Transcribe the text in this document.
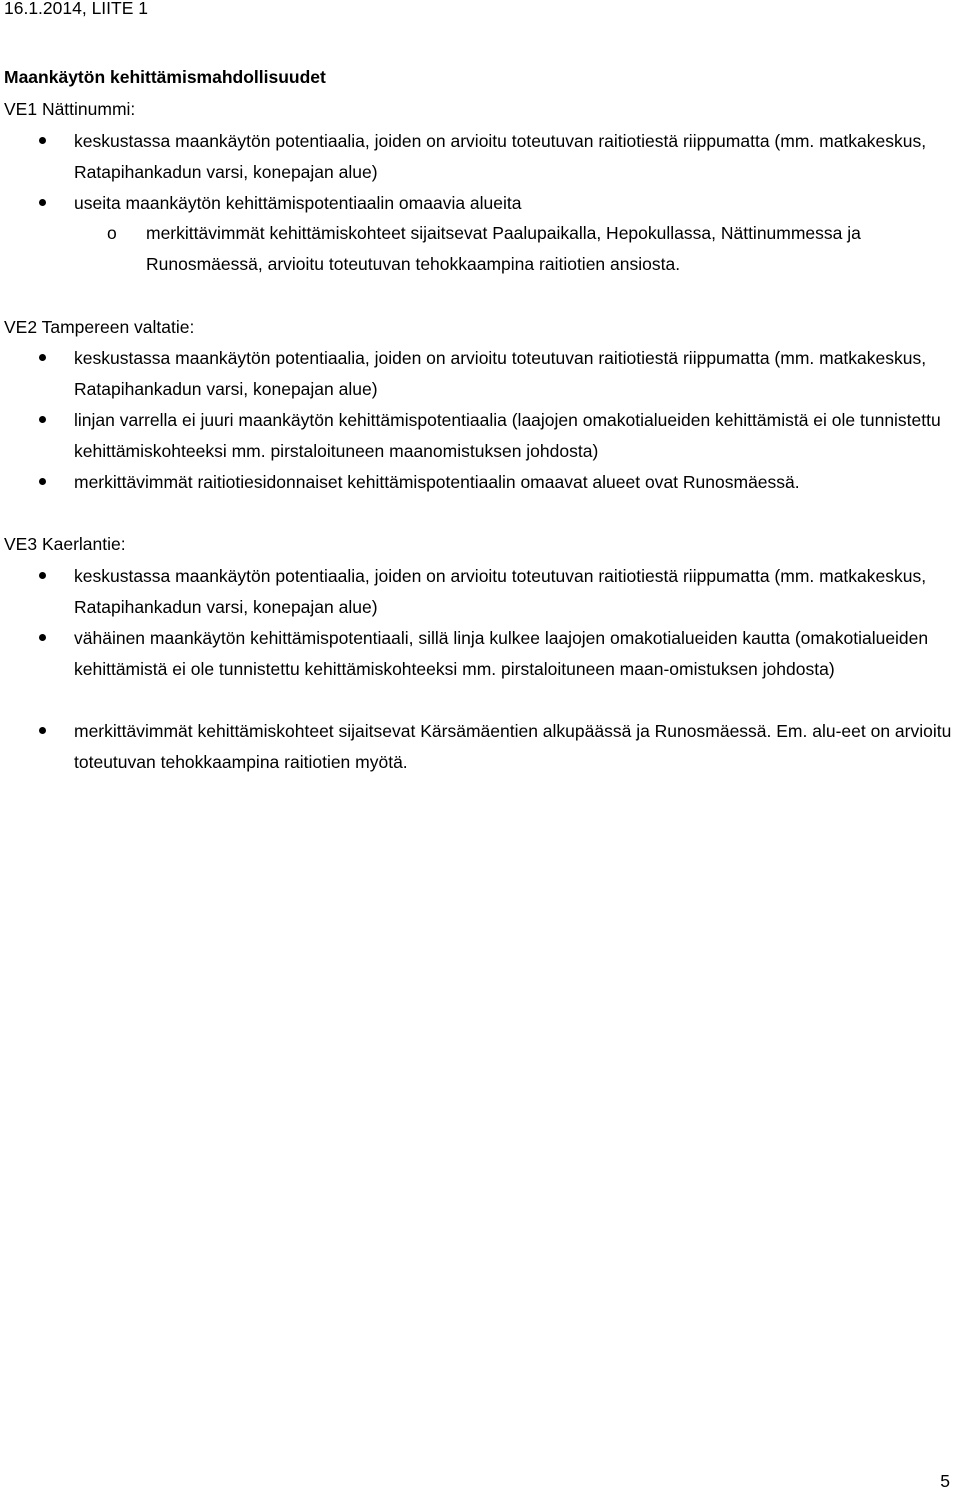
16.1.2014, LIITE 1
Maankäytön kehittämismahdollisuudet
VE1 Nättinummi:
keskustassa maankäytön potentiaalia, joiden on arvioitu toteutuvan raitiotiestä riippumatta (mm. matkakeskus, Ratapihankadun varsi, konepajan alue)
useita maankäytön kehittämispotentiaalin omaavia alueita
o merkittävimmät kehittämiskohteet sijaitsevat Paalupaikalla, Hepokullassa, Nättinummessa ja Runosmäessä, arvioitu toteutuvan tehokkaampina raitiotien ansiosta.
VE2 Tampereen valtatie:
keskustassa maankäytön potentiaalia, joiden on arvioitu toteutuvan raitiotiestä riippumatta (mm. matkakeskus, Ratapihankadun varsi, konepajan alue)
linjan varrella ei juuri maankäytön kehittämispotentiaalia (laajojen omakotialueiden kehittämistä ei ole tunnistettu kehittämiskohteeksi mm. pirstaloituneen maanomistuksen johdosta)
merkittävimmät raitiotiesidonnaiset kehittämispotentiaalin omaavat alueet ovat Runosmäessä.
VE3 Kaerlantie:
keskustassa maankäytön potentiaalia, joiden on arvioitu toteutuvan raitiotiestä riippumatta (mm. matkakeskus, Ratapihankadun varsi, konepajan alue)
vähäinen maankäytön kehittämispotentiaali, sillä linja kulkee laajojen omakotialueiden kautta (omakotialueiden kehittämistä ei ole tunnistettu kehittämiskohteeksi mm. pirstaloituneen maan-omistuksen johdosta)
merkittävimmät kehittämiskohteet sijaitsevat Kärsämäentien alkupäässä ja Runosmäessä. Em. alu-eet on arvioitu toteutuvan tehokkaampina raitiotien myötä.
5
